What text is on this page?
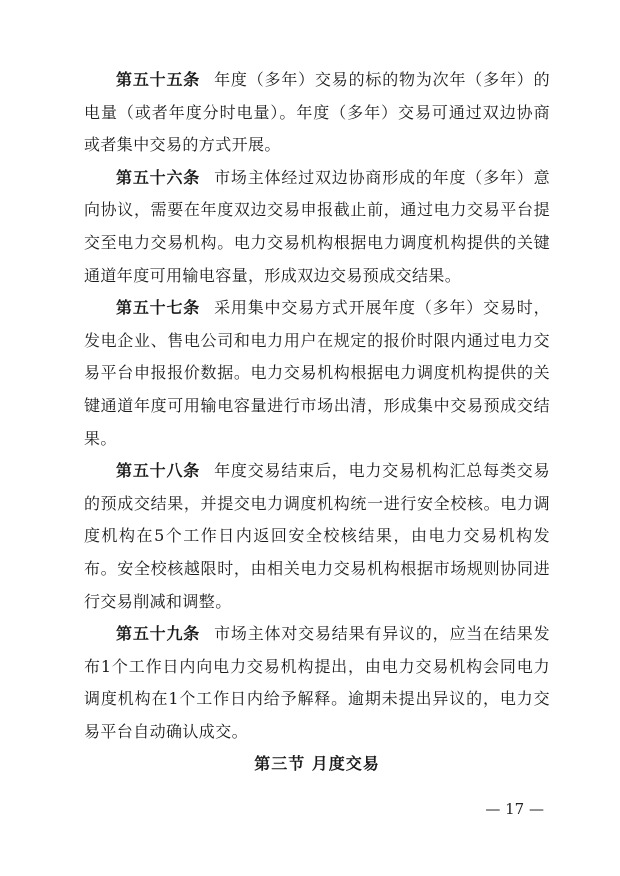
第五十五条 年度（多年）交易的标的物为次年（多年）的电量（或者年度分时电量）。年度（多年）交易可通过双边协商或者集中交易的方式开展。

第五十六条 市场主体经过双边协商形成的年度（多年）意向协议，需要在年度双边交易申报截止前，通过电力交易平台提交至电力交易机构。电力交易机构根据电力调度机构提供的关键通道年度可用输电容量，形成双边交易预成交结果。

第五十七条 采用集中交易方式开展年度（多年）交易时，发电企业、售电公司和电力用户在规定的报价时限内通过电力交易平台申报报价数据。电力交易机构根据电力调度机构提供的关键通道年度可用输电容量进行市场出清，形成集中交易预成交结果。

第五十八条 年度交易结束后，电力交易机构汇总每类交易的预成交结果，并提交电力调度机构统一进行安全校核。电力调度机构在5个工作日内返回安全校核结果，由电力交易机构发布。安全校核越限时，由相关电力交易机构根据市场规则协同进行交易削减和调整。

第五十九条 市场主体对交易结果有异议的，应当在结果发布1个工作日内向电力交易机构提出，由电力交易机构会同电力调度机构在1个工作日内给予解释。逾期未提出异议的，电力交易平台自动确认成交。

第三节 月度交易

— 17 —
